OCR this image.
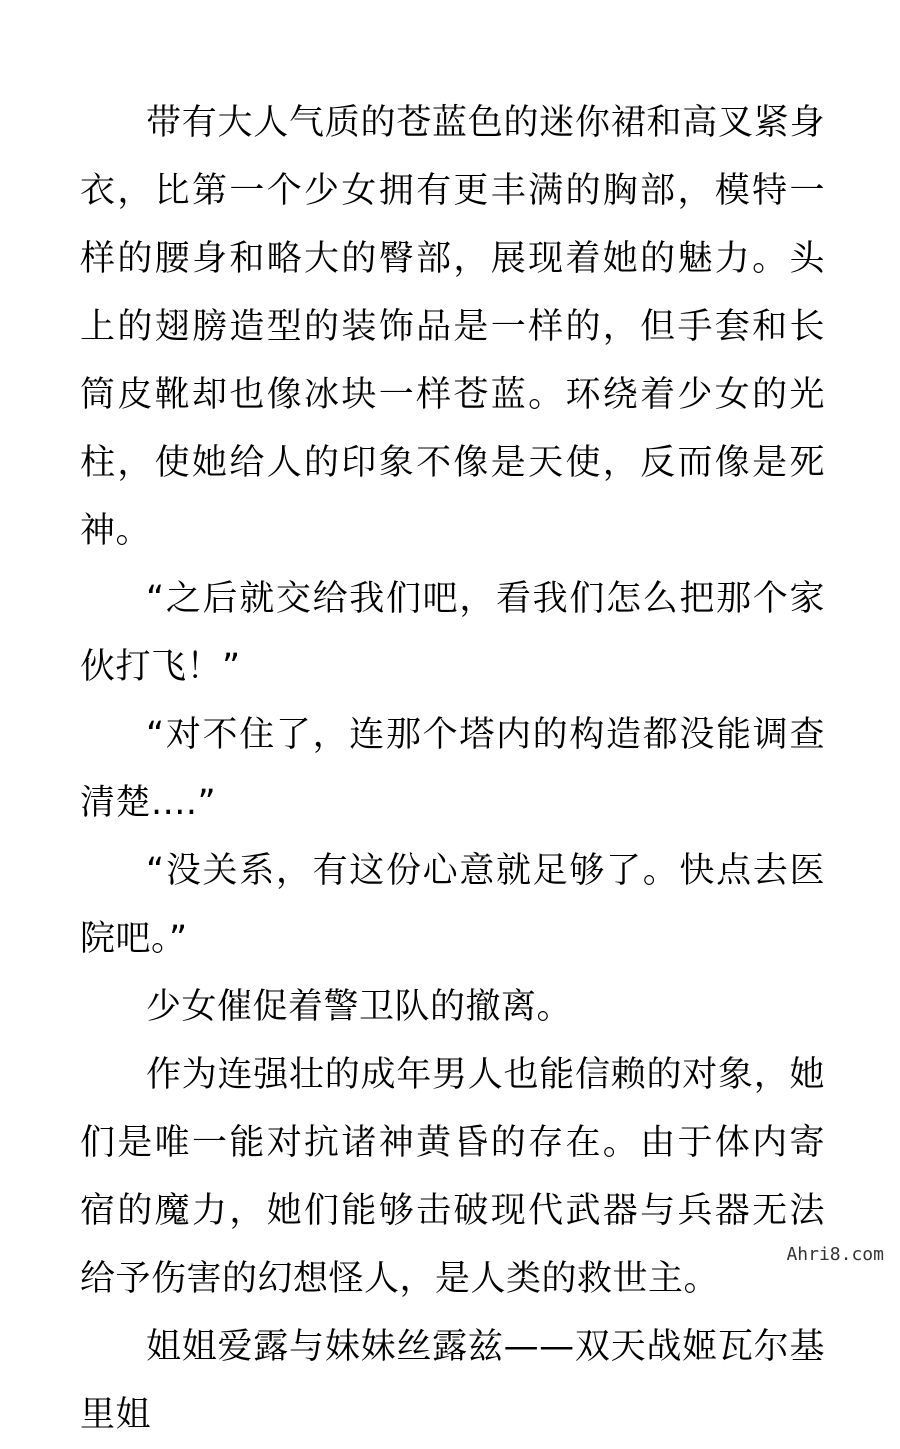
带有大人气质的苍蓝色的迷你裙和高叉紧身衣，比第一个少女拥有更丰满的胸部，模特一样的腰身和略大的臀部，展现着她的魅力。头上的翅膀造型的装饰品是一样的，但手套和长筒皮靴却也像冰块一样苍蓝。环绕着少女的光柱，使她给人的印象不像是天使，反而像是死神。

“之后就交给我们吧，看我们怎么把那个家伙打飞！”

“对不住了，连那个塔内的构造都没能调查清楚....”

“没关系，有这份心意就足够了。快点去医院吧。”

少女催促着警卫队的撤离。

作为连强壮的成年男人也能信赖的对象，她们是唯一能对抗诸神黄昏的存在。由于体内寄宿的魔力，她们能够击破现代武器与兵器无法给予伤害的幻想怪人，是人类的救世主。

姐姐爱露与妹妹丝露兹——双天战姬瓦尔基里姐

Ahri8.com
